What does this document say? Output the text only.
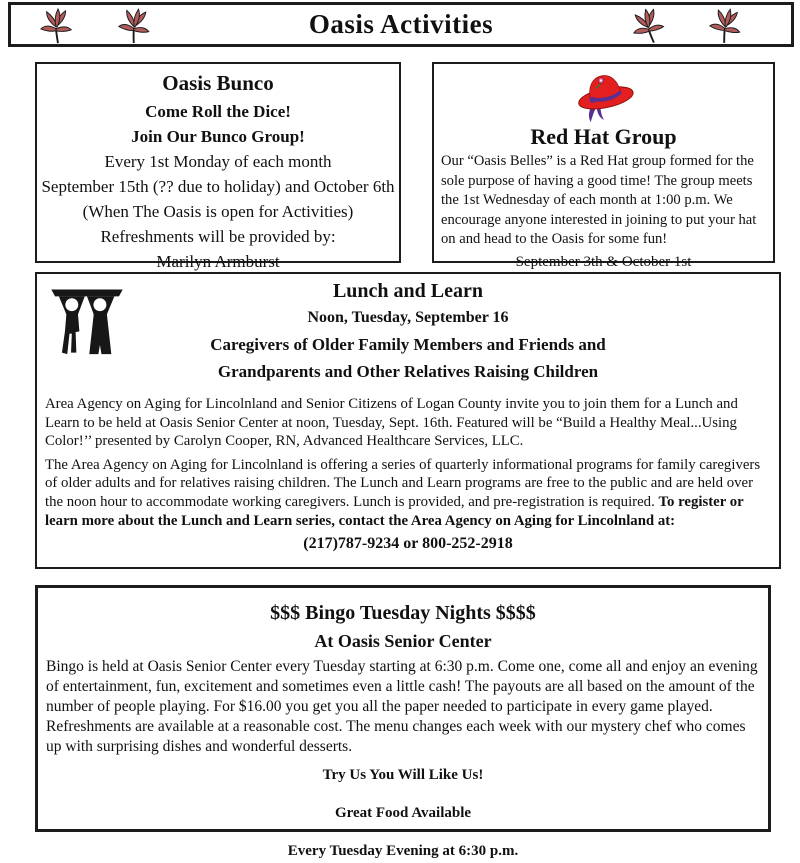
Oasis Activities
Oasis Bunco

Come Roll the Dice!

Join Our Bunco Group!

Every 1st Monday of each month

September 15th (?? due to holiday) and October 6th

(When The Oasis is open for Activities)

Refreshments will be provided by:

Marilyn Armburst

Red Hat Group

Our “Oasis Belles” is a Red Hat group formed for the sole purpose of having a good time! The group meets the 1st Wednesday of each month at 1:00 p.m. We encourage anyone interested in joining to put your hat on and head to the Oasis for some fun!

September 3th & October 1st

Lunch and Learn

Noon, Tuesday, September 16

Caregivers of Older Family Members and Friends and

Grandparents and Other Relatives Raising Children

Area Agency on Aging for Lincolnland and Senior Citizens of Logan County invite you to join them for a Lunch and Learn to be held at Oasis Senior Center at noon, Tuesday, Sept. 16th. Featured will be “Build a Healthy Meal...Using Color!’’ presented by Carolyn Cooper, RN, Advanced Healthcare Services, LLC.

The Area Agency on Aging for Lincolnland is offering a series of quarterly informational programs for family caregivers of older adults and for relatives raising children. The Lunch and Learn programs are free to the public and are held over the noon hour to accommodate working caregivers. Lunch is provided, and pre-registration is required. To register or learn more about the Lunch and Learn series, contact the Area Agency on Aging for Lincolnland at:

(217)787-9234 or 800-252-2918

$$$ Bingo Tuesday Nights $$$$

At Oasis Senior Center

Bingo is held at Oasis Senior Center every Tuesday starting at 6:30 p.m. Come one, come all and enjoy an evening of entertainment, fun, excitement and sometimes even a little cash! The payouts are all based on the amount of the number of people playing. For $16.00 you get you all the paper needed to participate in every game played. Refreshments are available at a reasonable cost. The menu changes each week with our mystery chef who comes up with surprising dishes and wonderful desserts.

Try Us You Will Like Us!

Great Food Available

Every Tuesday Evening at 6:30 p.m.
